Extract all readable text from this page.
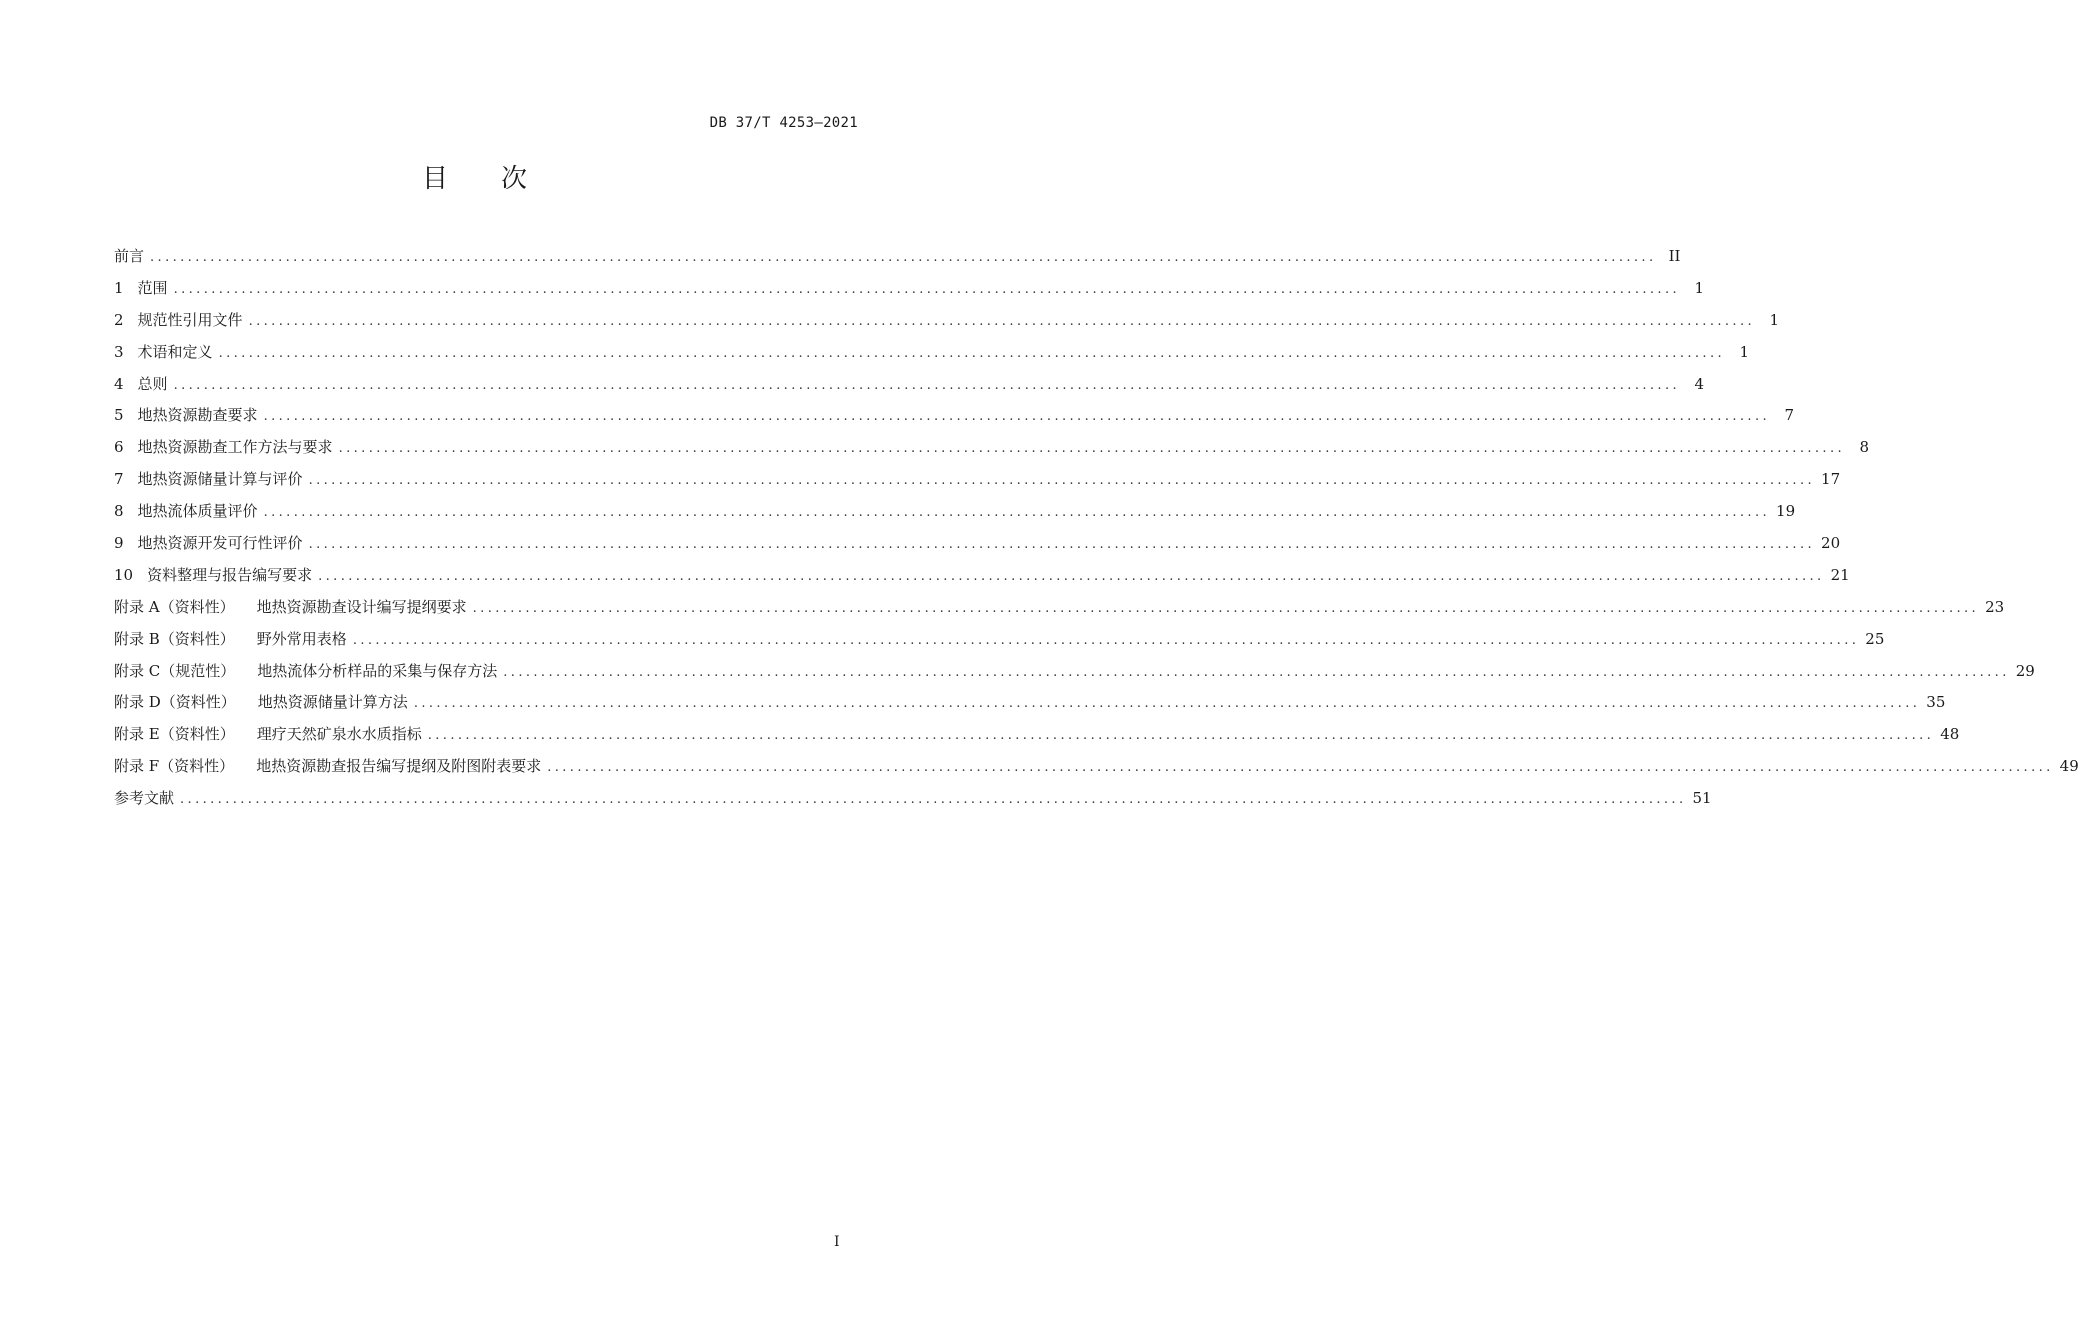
DB 37/T 4253—2021
目 次
前言 ........................................................................................................................................................................................................ II
1 范围 ........................................................................................................................................................................................................ 1
2 规范性引用文件 ........................................................................................................................................................................................................ 1
3 术语和定义 ........................................................................................................................................................................................................ 1
4 总则 ........................................................................................................................................................................................................ 4
5 地热资源勘查要求 ........................................................................................................................................................................................................ 7
6 地热资源勘查工作方法与要求 ........................................................................................................................................................................................................ 8
7 地热资源储量计算与评价 ........................................................................................................................................................................................................ 17
8 地热流体质量评价 ........................................................................................................................................................................................................ 19
9 地热资源开发可行性评价 ........................................................................................................................................................................................................ 20
10 资料整理与报告编写要求 ........................................................................................................................................................................................................ 21
附录 A（资料性） 地热资源勘查设计编写提纲要求 ........................................................................................................................................................................................................ 23
附录 B（资料性） 野外常用表格 ........................................................................................................................................................................................................ 25
附录 C（规范性） 地热流体分析样品的采集与保存方法 ........................................................................................................................................................................................................ 29
附录 D（资料性） 地热资源储量计算方法 ........................................................................................................................................................................................................ 35
附录 E（资料性） 理疗天然矿泉水水质指标 ........................................................................................................................................................................................................ 48
附录 F（资料性） 地热资源勘查报告编写提纲及附图附表要求 ........................................................................................................................................................................................................ 49
参考文献 ........................................................................................................................................................................................................ 51
I
